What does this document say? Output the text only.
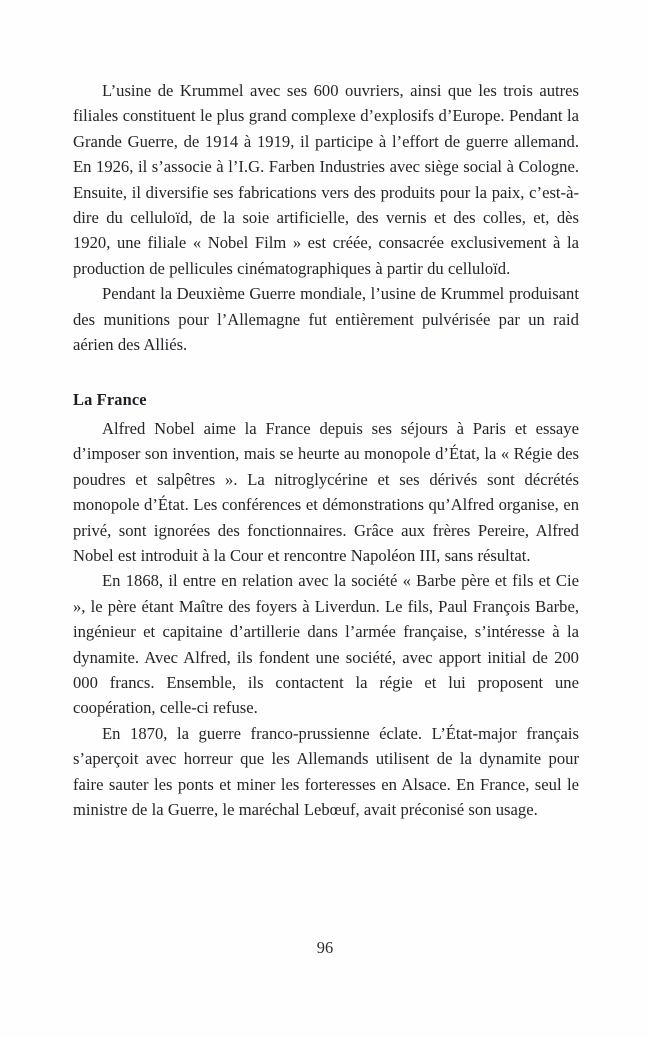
L’usine de Krummel avec ses 600 ouvriers, ainsi que les trois autres filiales constituent le plus grand complexe d’explosifs d’Europe. Pendant la Grande Guerre, de 1914 à 1919, il participe à l’effort de guerre allemand. En 1926, il s’associe à l’I.G. Farben Industries avec siège social à Cologne. Ensuite, il diversifie ses fabrications vers des produits pour la paix, c’est-à-dire du celluloïd, de la soie artificielle, des vernis et des colles, et, dès 1920, une filiale « Nobel Film » est créée, consacrée exclusivement à la production de pellicules cinématographiques à partir du celluloïd.

Pendant la Deuxième Guerre mondiale, l’usine de Krummel produisant des munitions pour l’Allemagne fut entièrement pulvérisée par un raid aérien des Alliés.

La France

Alfred Nobel aime la France depuis ses séjours à Paris et essaye d’imposer son invention, mais se heurte au monopole d’État, la « Régie des poudres et salpêtres ». La nitroglycérine et ses dérivés sont décrétés monopole d’État. Les conférences et démonstrations qu’Alfred organise, en privé, sont ignorées des fonctionnaires. Grâce aux frères Pereire, Alfred Nobel est introduit à la Cour et rencontre Napoléon III, sans résultat.

En 1868, il entre en relation avec la société « Barbe père et fils et Cie », le père étant Maître des foyers à Liverdun. Le fils, Paul François Barbe, ingénieur et capitaine d’artillerie dans l’armée française, s’intéresse à la dynamite. Avec Alfred, ils fondent une société, avec apport initial de 200 000 francs. Ensemble, ils contactent la régie et lui proposent une coopération, celle-ci refuse.

En 1870, la guerre franco-prussienne éclate. L’État-major français s’aperçoit avec horreur que les Allemands utilisent de la dynamite pour faire sauter les ponts et miner les forteresses en Alsace. En France, seul le ministre de la Guerre, le maréchal Lebœuf, avait préconisé son usage.

96
